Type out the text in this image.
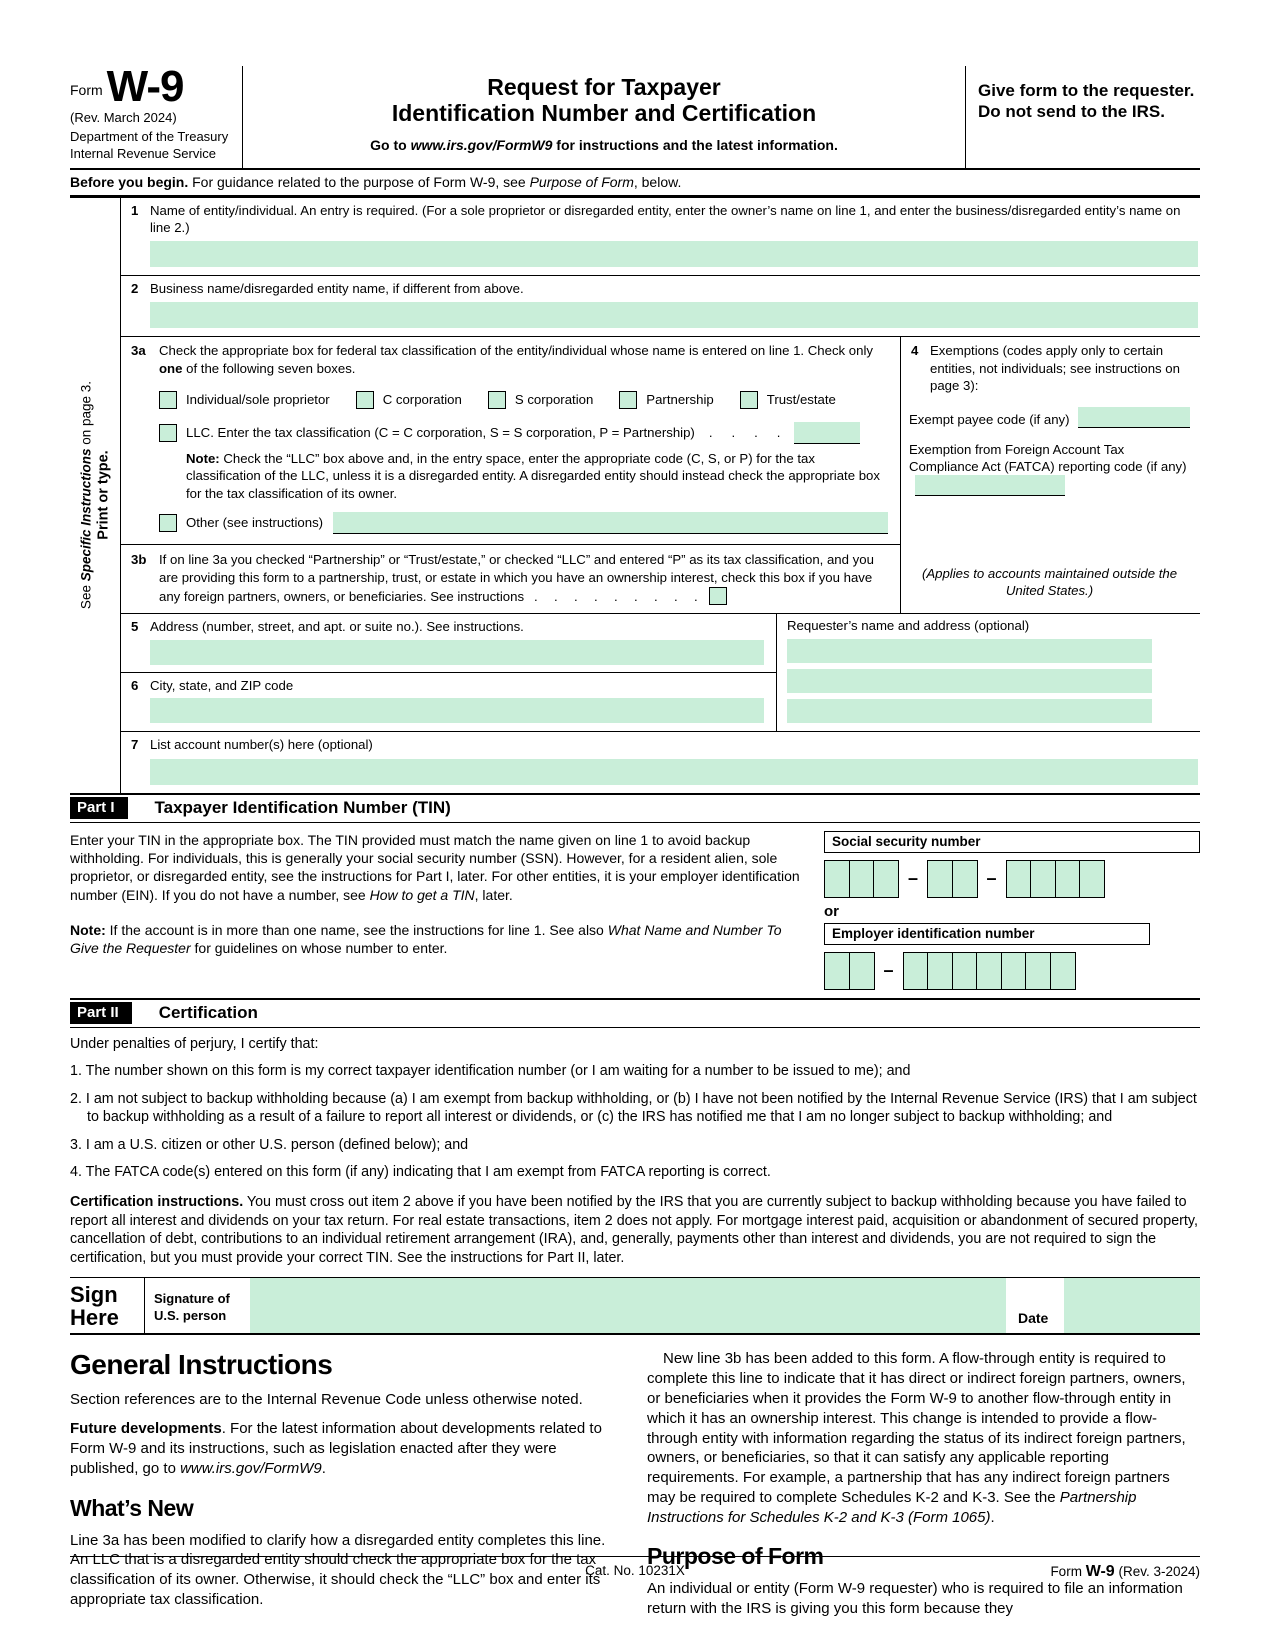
Form W-9
(Rev. March 2024)
Department of the Treasury
Internal Revenue Service
Request for Taxpayer
Identification Number and Certification
Go to www.irs.gov/FormW9 for instructions and the latest information.
Give form to the requester. Do not send to the IRS.
Before you begin. For guidance related to the purpose of Form W-9, see Purpose of Form, below.
See Specific Instructions on page 3.
Print or type.
1 Name of entity/individual. An entry is required. (For a sole proprietor or disregarded entity, enter the owner’s name on line 1, and enter the business/disregarded entity’s name on line 2.)
2 Business name/disregarded entity name, if different from above.
3a	Check the appropriate box for federal tax classification of the entity/individual whose name is entered on line 1. Check only one of the following seven boxes.
Individual/sole proprietor	C corporation	S corporation	Partnership	Trust/estate
LLC. Enter the tax classification (C = C corporation, S = S corporation, P = Partnership) .   .   .   .
Note: Check the “LLC” box above and, in the entry space, enter the appropriate code (C, S, or P) for the tax classification of the LLC, unless it is a disregarded entity. A disregarded entity should instead check the appropriate box for the tax classification of its owner.
Other (see instructions)
3b If on line 3a you checked “Partnership” or “Trust/estate,” or checked “LLC” and entered “P” as its tax classification, and you are providing this form to a partnership, trust, or estate in which you have an ownership interest, check this box if you have any foreign partners, owners, or beneficiaries. See instructions .  .  .  .  .  .  .  .  .
4 Exemptions (codes apply only to certain entities, not individuals; see instructions on page 3):
Exempt payee code (if any)
Exemption from Foreign Account Tax Compliance Act (FATCA) reporting code (if any)
(Applies to accounts maintained outside the United States.)
5 Address (number, street, and apt. or suite no.). See instructions.
6 City, state, and ZIP code
Requester’s name and address (optional)
7 List account number(s) here (optional)
Part I	Taxpayer Identification Number (TIN)
Enter your TIN in the appropriate box. The TIN provided must match the name given on line 1 to avoid backup withholding. For individuals, this is generally your social security number (SSN). However, for a resident alien, sole proprietor, or disregarded entity, see the instructions for Part I, later. For other entities, it is your employer identification number (EIN). If you do not have a number, see How to get a TIN, later.
Note: If the account is in more than one name, see the instructions for line 1. See also What Name and Number To Give the Requester for guidelines on whose number to enter.
Social security number
–	–
or
Employer identification number
–
Part II	Certification
Under penalties of perjury, I certify that:

1. The number shown on this form is my correct taxpayer identification number (or I am waiting for a number to be issued to me); and

2. I am not subject to backup withholding because (a) I am exempt from backup withholding, or (b) I have not been notified by the Internal Revenue Service (IRS) that I am subject to backup withholding as a result of a failure to report all interest or dividends, or (c) the IRS has notified me that I am no longer subject to backup withholding; and

3. I am a U.S. citizen or other U.S. person (defined below); and

4. The FATCA code(s) entered on this form (if any) indicating that I am exempt from FATCA reporting is correct.

Certification instructions. You must cross out item 2 above if you have been notified by the IRS that you are currently subject to backup withholding because you have failed to report all interest and dividends on your tax return. For real estate transactions, item 2 does not apply. For mortgage interest paid, acquisition or abandonment of secured property, cancellation of debt, contributions to an individual retirement arrangement (IRA), and, generally, payments other than interest and dividends, you are not required to sign the certification, but you must provide your correct TIN. See the instructions for Part II, later.
Sign
Here
Signature of
U.S. person	Date
General Instructions

Section references are to the Internal Revenue Code unless otherwise noted.

Future developments. For the latest information about developments related to Form W-9 and its instructions, such as legislation enacted after they were published, go to www.irs.gov/FormW9.

What’s New

Line 3a has been modified to clarify how a disregarded entity completes this line. An LLC that is a disregarded entity should check the appropriate box for the tax classification of its owner. Otherwise, it should check the “LLC” box and enter its appropriate tax classification.

New line 3b has been added to this form. A flow-through entity is required to complete this line to indicate that it has direct or indirect foreign partners, owners, or beneficiaries when it provides the Form W-9 to another flow-through entity in which it has an ownership interest. This change is intended to provide a flow-through entity with information regarding the status of its indirect foreign partners, owners, or beneficiaries, so that it can satisfy any applicable reporting requirements. For example, a partnership that has any indirect foreign partners may be required to complete Schedules K-2 and K-3. See the Partnership Instructions for Schedules K-2 and K-3 (Form 1065).

Purpose of Form

An individual or entity (Form W-9 requester) who is required to file an information return with the IRS is giving you this form because they

Cat. No. 10231X	Form W-9 (Rev. 3-2024)
